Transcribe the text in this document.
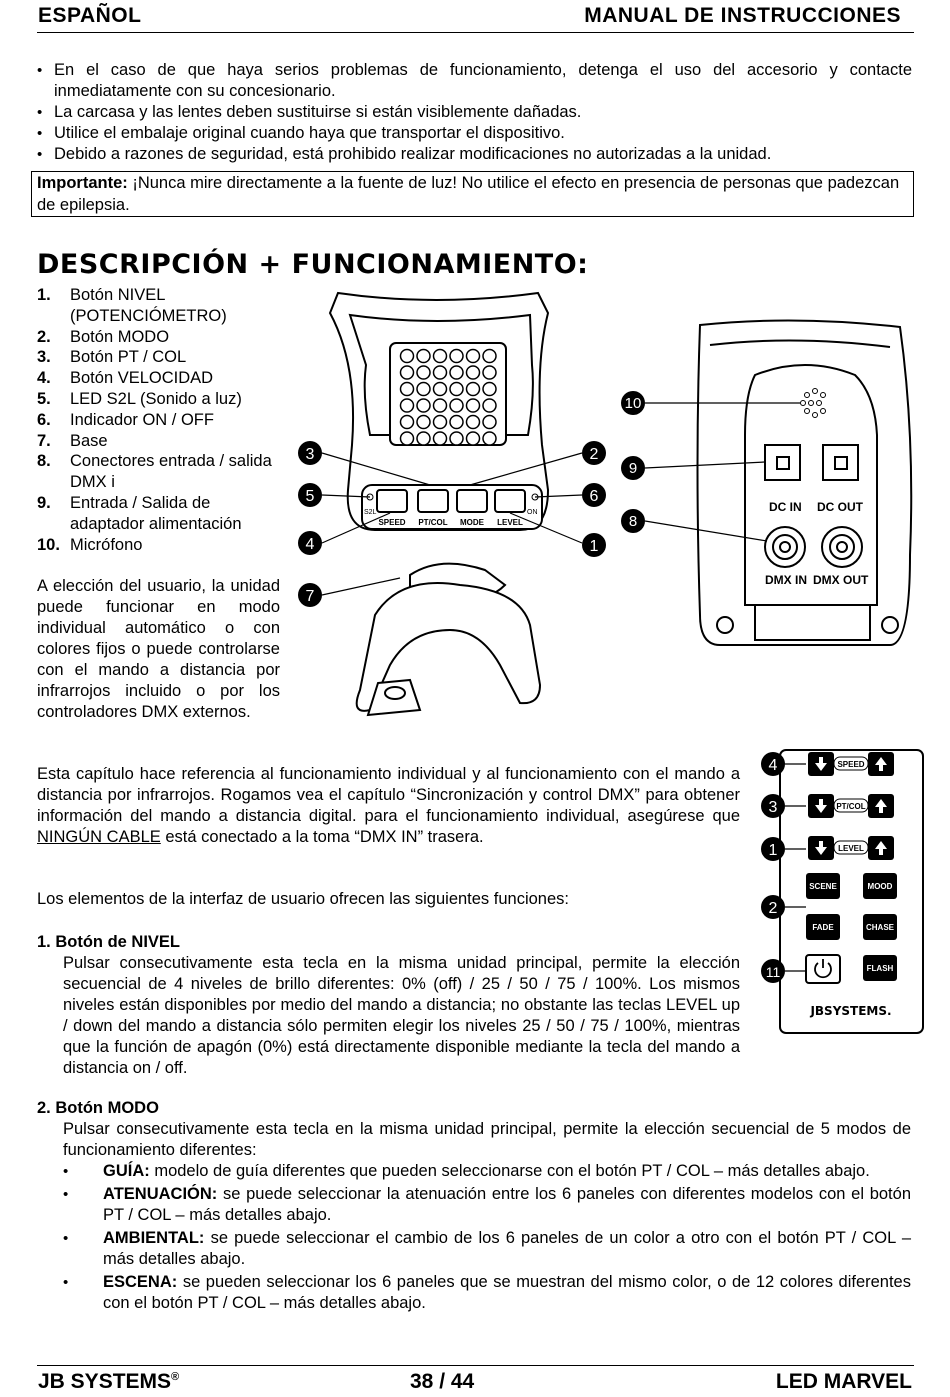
ESPAÑOL	MANUAL DE INSTRUCCIONES
• En el caso de que haya serios problemas de funcionamiento, detenga el uso del accesorio y contacte inmediatamente con su concesionario.
• La carcasa y las lentes deben sustituirse si están visiblemente dañadas.
• Utilice el embalaje original cuando haya que transportar el dispositivo.
• Debido a razones de seguridad, está prohibido realizar modificaciones no autorizadas a la unidad.
Importante: ¡Nunca mire directamente a la fuente de luz! No utilice el efecto en presencia de personas que padezcan de epilepsia.
DESCRIPCIÓN + FUNCIONAMIENTO:
1. Botón NIVEL (POTENCIÓMETRO)
2. Botón MODO
3. Botón PT / COL
4. Botón VELOCIDAD
5. LED S2L (Sonido a luz)
6. Indicador ON / OFF
7. Base
8. Conectores entrada / salida DMX i
9. Entrada / Salida de adaptador alimentación
10. Micrófono
A elección del usuario, la unidad puede funcionar en modo individual automático o con colores fijos o puede controlarse con el mando a distancia por infrarrojos incluido o por los controladores DMX externos.
S2L	ON
SPEED PT/COL MODE LEVEL
3
5
4
7
2
6
1
10
9
8
DC IN DC OUT
DMX IN DMX OUT
Esta capítulo hace referencia al funcionamiento individual y al funcionamiento con el mando a distancia por infrarrojos. Rogamos vea el capítulo “Sincronización y control DMX” para obtener información del mando a distancia digital. para el funcionamiento individual, asegúrese que NINGÚN CABLE está conectado a la toma “DMX IN” trasera.
Los elementos de la interfaz de usuario ofrecen las siguientes funciones:
1. Botón de NIVEL
Pulsar consecutivamente esta tecla en la misma unidad principal, permite la elección secuencial de 4 niveles de brillo diferentes: 0% (off) / 25 / 50 / 75 / 100%. Los mismos niveles están disponibles por medio del mando a distancia; no obstante las teclas LEVEL up / down del mando a distancia sólo permiten elegir los niveles 25 / 50 / 75 / 100%, mientras que la función de apagón (0%) está directamente disponible mediante la tecla del mando a distancia on / off.
4
3
1
2
11
SPEED
PT/COL
LEVEL
SCENE	MOOD
FADE	CHASE
FLASH
JBSYSTEMS.
2. Botón MODO
Pulsar consecutivamente esta tecla en la misma unidad principal, permite la elección secuencial de 5 modos de funcionamiento diferentes:
• GUÍA: modelo de guía diferentes que pueden seleccionarse con el botón PT / COL – más detalles abajo.
• ATENUACIÓN: se puede seleccionar la atenuación entre los 6 paneles con diferentes modelos con el botón PT / COL – más detalles abajo.
• AMBIENTAL: se puede seleccionar el cambio de los 6 paneles de un color a otro con el botón PT / COL – más detalles abajo.
• ESCENA: se pueden seleccionar los 6 paneles que se muestran del mismo color, o de 12 colores diferentes con el botón PT / COL – más detalles abajo.
JB SYSTEMS®	38 / 44	LED MARVEL
